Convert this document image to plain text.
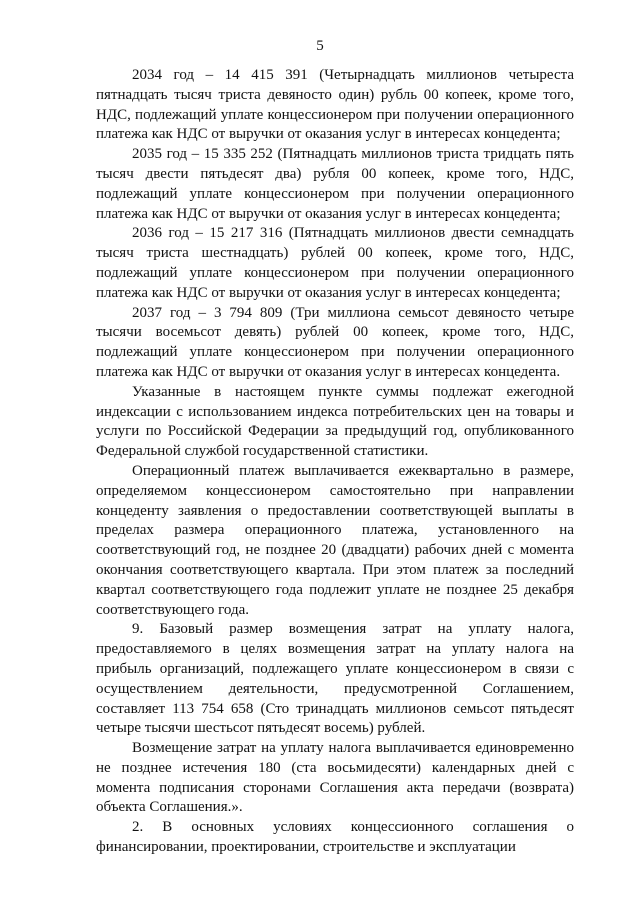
5

2034 год – 14 415 391 (Четырнадцать миллионов четыреста пятнадцать тысяч триста девяносто один) рубль 00 копеек, кроме того, НДС, подлежащий уплате концессионером при получении операционного платежа как НДС от выручки от оказания услуг в интересах концедента;

2035 год – 15 335 252 (Пятнадцать миллионов триста тридцать пять тысяч двести пятьдесят два) рубля 00 копеек, кроме того, НДС, подлежащий уплате концессионером при получении операционного платежа как НДС от выручки от оказания услуг в интересах концедента;

2036 год – 15 217 316 (Пятнадцать миллионов двести семнадцать тысяч триста шестнадцать) рублей 00 копеек, кроме того, НДС, подлежащий уплате концессионером при получении операционного платежа как НДС от выручки от оказания услуг в интересах концедента;

2037 год – 3 794 809 (Три миллиона семьсот девяносто четыре тысячи восемьсот девять) рублей 00 копеек, кроме того, НДС, подлежащий уплате концессионером при получении операционного платежа как НДС от выручки от оказания услуг в интересах концедента.

Указанные в настоящем пункте суммы подлежат ежегодной индексации с использованием индекса потребительских цен на товары и услуги по Российской Федерации за предыдущий год, опубликованного Федеральной службой государственной статистики.

Операционный платеж выплачивается ежеквартально в размере, определяемом концессионером самостоятельно при направлении концеденту заявления о предоставлении соответствующей выплаты в пределах размера операционного платежа, установленного на соответствующий год, не позднее 20 (двадцати) рабочих дней с момента окончания соответствующего квартала. При этом платеж за последний квартал соответствующего года подлежит уплате не позднее 25 декабря соответствующего года.

9. Базовый размер возмещения затрат на уплату налога, предоставляемого в целях возмещения затрат на уплату налога на прибыль организаций, подлежащего уплате концессионером в связи с осуществлением деятельности, предусмотренной Соглашением, составляет 113 754 658 (Сто тринадцать миллионов семьсот пятьдесят четыре тысячи шестьсот пятьдесят восемь) рублей.

Возмещение затрат на уплату налога выплачивается единовременно не позднее истечения 180 (ста восьмидесяти) календарных дней с момента подписания сторонами Соглашения акта передачи (возврата) объекта Соглашения.».

2. В основных условиях концессионного соглашения о финансировании, проектировании, строительстве и эксплуатации
